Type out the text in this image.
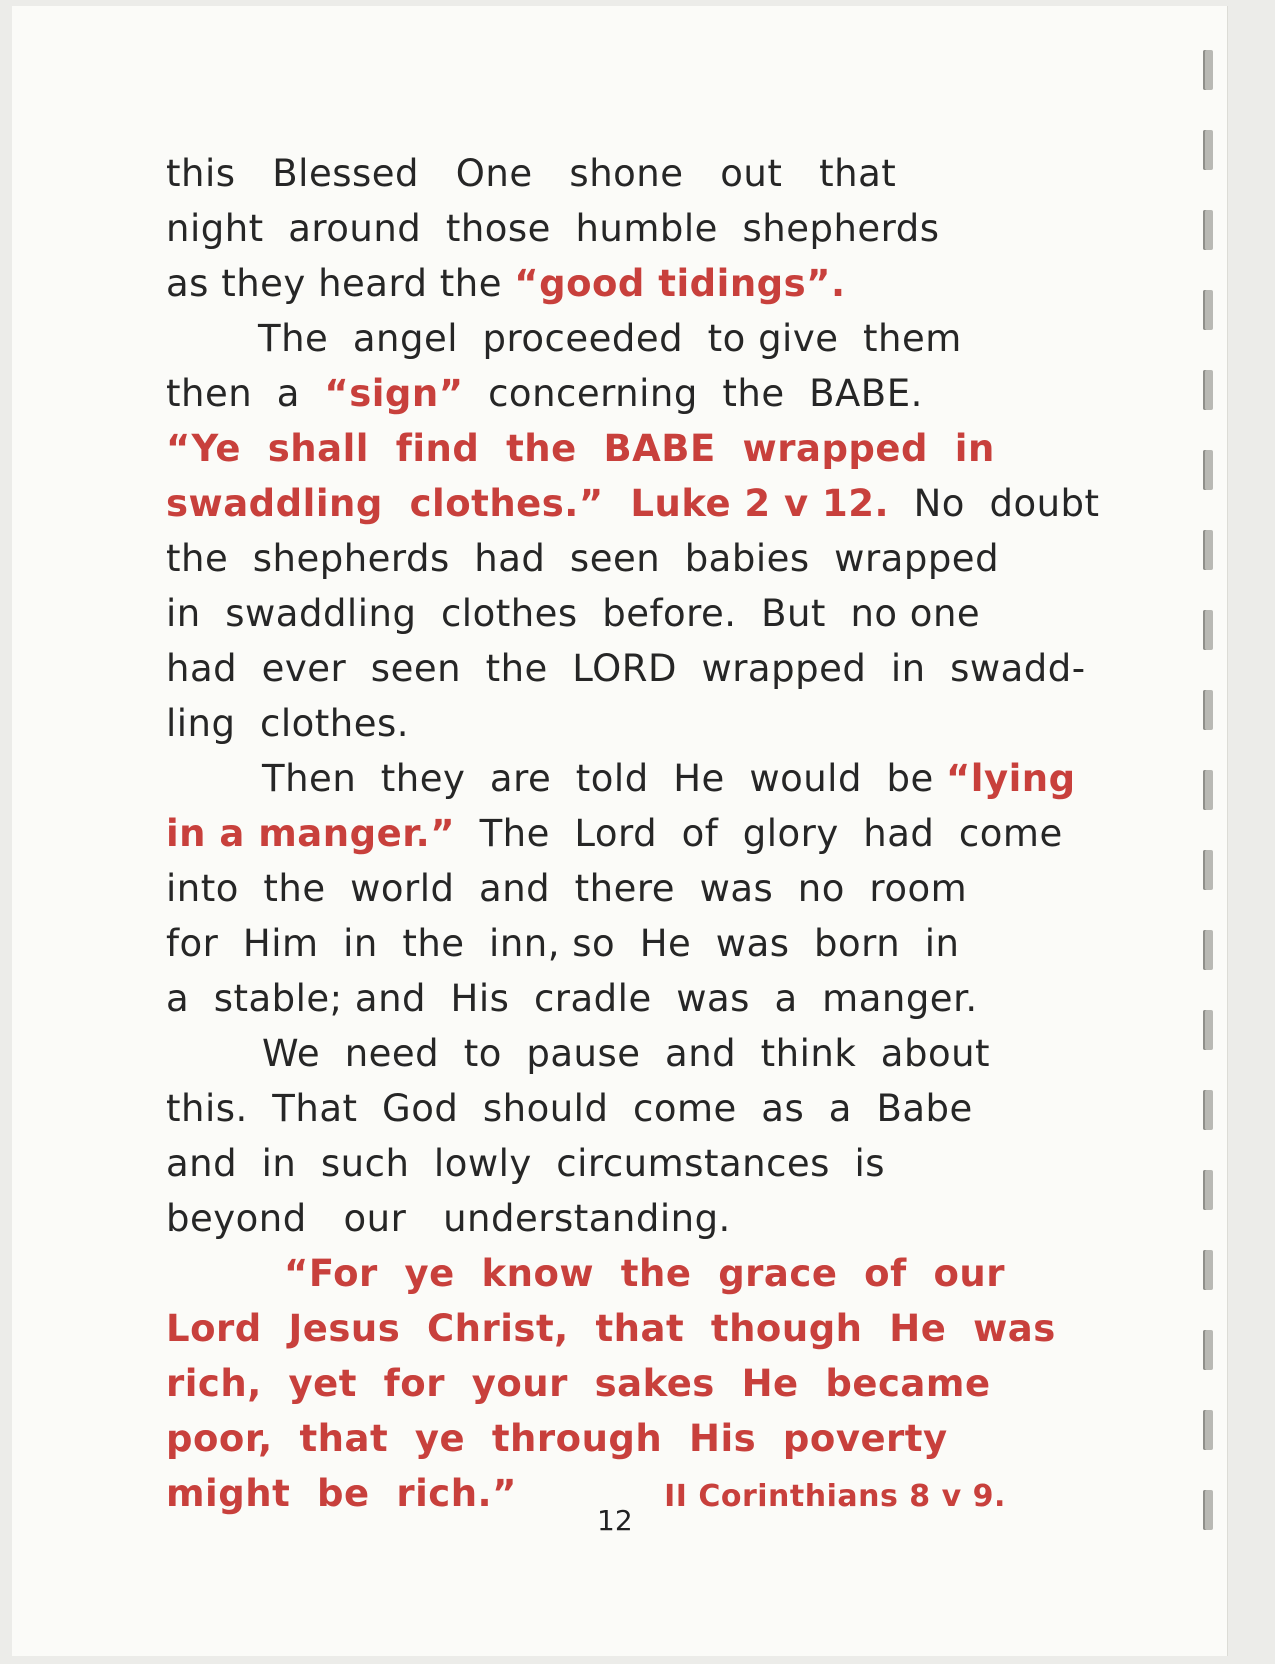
this   Blessed   One   shone   out   that
night  around  those  humble  shepherds
as they heard the “good tidings”.
The  angel  proceeded  to give  them
then  a  “sign”  concerning  the  BABE.
“Ye  shall  find  the  BABE  wrapped  in
swaddling  clothes.”  Luke 2 v 12.  No  doubt
the  shepherds  had  seen  babies  wrapped
in  swaddling  clothes  before.  But  no one
had  ever  seen  the  LORD  wrapped  in  swadd-
ling  clothes.
Then  they  are  told  He  would  be “lying
in a manger.”  The  Lord  of  glory  had  come
into  the  world  and  there  was  no  room
for  Him  in  the  inn, so  He  was  born  in
a  stable; and  His  cradle  was  a  manger.
We  need  to  pause  and  think  about
this.  That  God  should  come  as  a  Babe
and  in  such  lowly  circumstances  is
beyond   our   understanding.
“For  ye  know  the  grace  of  our
Lord  Jesus  Christ,  that  though  He  was
rich,  yet  for  your  sakes  He  became
poor,  that  ye  through  His  poverty
might  be  rich.”	II Corinthians 8 v 9.
12
